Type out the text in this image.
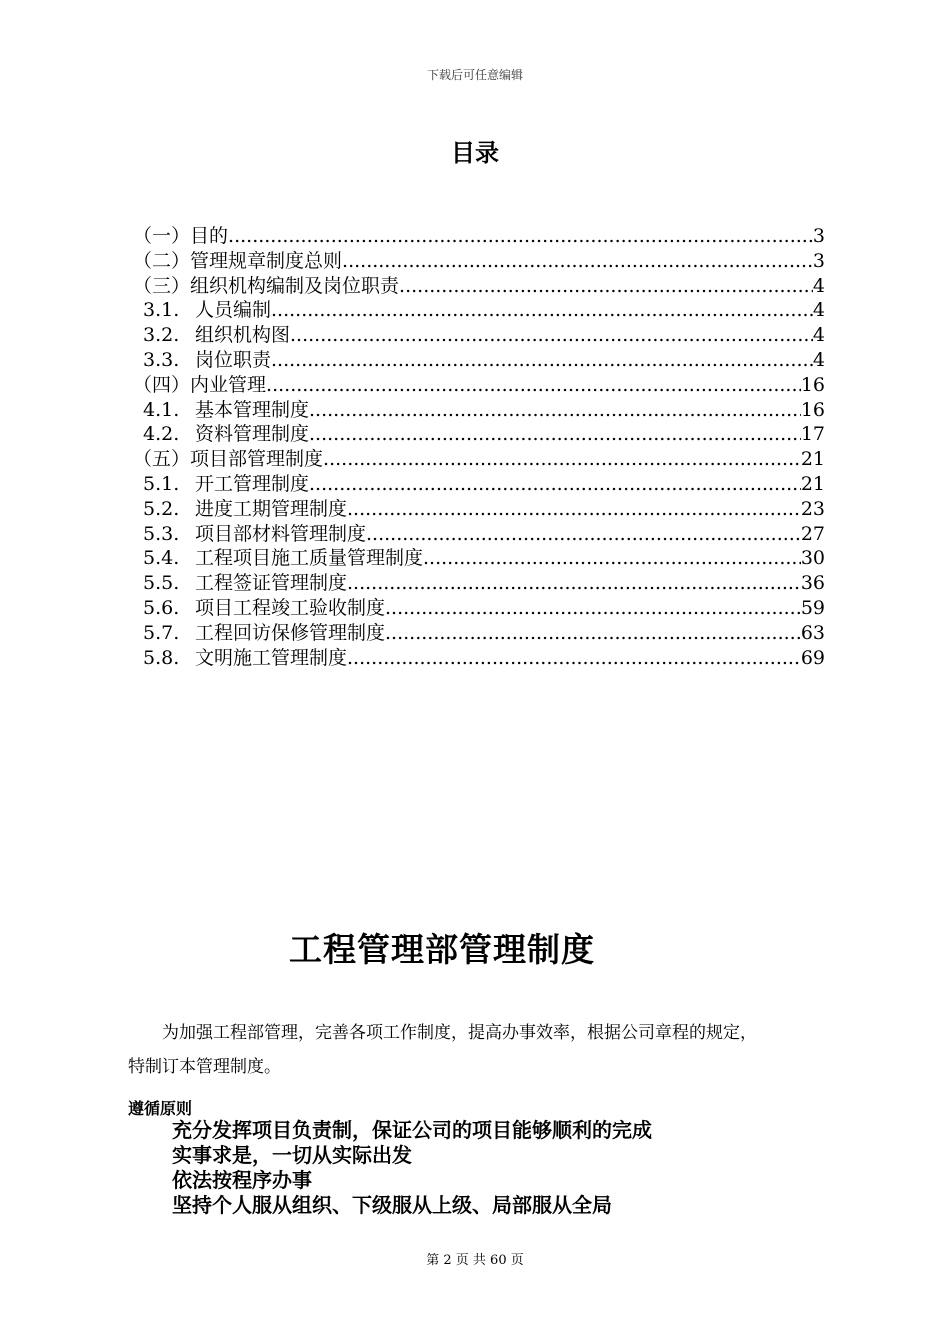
下载后可任意编辑
目录
（一） 目的 .....	3
（二） 管理规章制度总则 .....	3
（三） 组织机构编制及岗位职责 .....	4
3.1. 人员编制 .....	4
3.2. 组织机构图 .....	4
3.3. 岗位职责 .....	4
（四） 内业管理 .....	16
4.1. 基本管理制度 .....	16
4.2. 资料管理制度 .....	17
（五） 项目部管理制度 .....	21
5.1. 开工管理制度 .....	21
5.2. 进度工期管理制度 .....	23
5.3. 项目部材料管理制度 .....	27
5.4. 工程项目施工质量管理制度 .....	30
5.5. 工程签证管理制度 .....	36
5.6. 项目工程竣工验收制度 .....	59
5.7. 工程回访保修管理制度 .....	63
5.8. 文明施工管理制度 .....	69
工程管理部管理制度
为加强工程部管理，完善各项工作制度，提高办事效率，根据公司章程的规定，
特制订本管理制度。
遵循原则
充分发挥项目负责制，保证公司的项目能够顺利的完成
实事求是，一切从实际出发
依法按程序办事
坚持个人服从组织、下级服从上级、局部服从全局
第 2 页 共 60 页
